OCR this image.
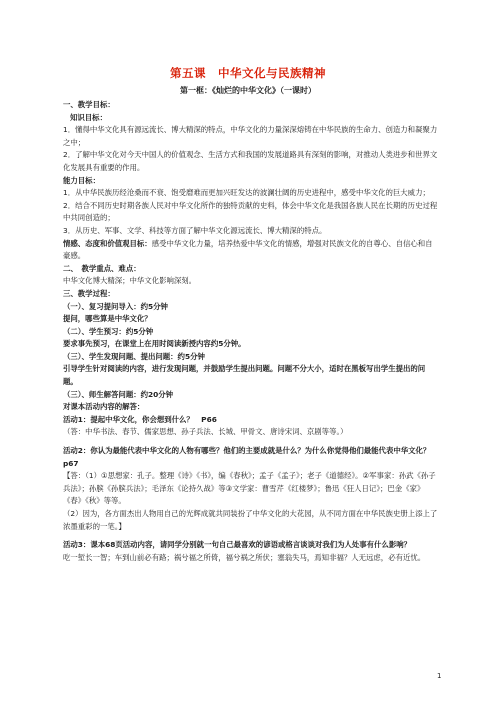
第五课　中华文化与民族精神
第一框：《灿烂的中华文化》（一课时）

一、教学目标：

知识目标：

1．懂得中华文化具有源远流长、博大精深的特点，中华文化的力量深深熔铸在中华民族的生命力、创造力和凝聚力之中；

2．了解中华文化对今天中国人的价值观念、生活方式和我国的发展道路具有深刻的影响，对推动人类进步和世界文化发展具有重要的作用。

能力目标：

1．从中华民族历经沧桑而不衰、饱受磨难而更加兴旺发达的波澜壮阔的历史进程中，感受中华文化的巨大威力；

2．结合不同历史时期各族人民对中华文化所作的独特贡献的史料，体会中华文化是我国各族人民在长期的历史过程中共同创造的；

3．从历史、军事、文学、科技等方面了解中华文化源远流长、博大精深的特点。

情感、态度和价值观目标：感受中华文化力量，培养热爱中华文化的情感，增强对民族文化的自尊心、自信心和自豪感。

二、　教学重点、难点：

中华文化博大精深；中华文化影响深刻。

三、教学过程：

（一）、复习提问导入：约5分钟

提问，哪些算是中华文化？

（二）、学生预习：约5分钟

要求事先预习，在课堂上在用时阅读新授内容约5分钟。

（三）、学生发现问题、提出问题：约5分钟

引导学生针对阅读的内容，进行发现问题，并鼓励学生提出问题。问题不分大小，适时在黑板写出学生提出的问题。

（三）、师生解答问题：约20分钟

对课本活动内容的解答：

活动1：提起中华文化，你会想到什么？　P66

（答：中华书法、春节、儒家思想、孙子兵法、长城、甲骨文、唐诗宋词、京剧等等。）

活动2：你认为最能代表中华文化的人物有哪些？他们的主要成就是什么？为什么你觉得他们最能代表中华文化？p67

【答：（1）①思想家：孔子。整理《诗》《书》，编《春秋》；孟子《孟子》；老子《道德经》。②军事家：孙武《孙子兵法》；孙膑《孙膑兵法》；毛泽东《论持久战》等③文学家：曹雪芹《红楼梦》；鲁迅《狂人日记》；巴金《家》《春》《秋》等等。

（2）因为，各方面杰出人物用自己的光辉成就共同装扮了中华文化的大花园，从不同方面在中华民族史册上添上了浓墨重彩的一笔。】

活动3：课本68页活动内容，请同学分别就一句自己最喜欢的谚语或格言谈谈对我们为人处事有什么影响？

吃一堑长一智；车到山前必有路；祸兮福之所倚，福兮祸之所伏；塞翁失马，焉知非福？人无远虑，必有近忧。

1
